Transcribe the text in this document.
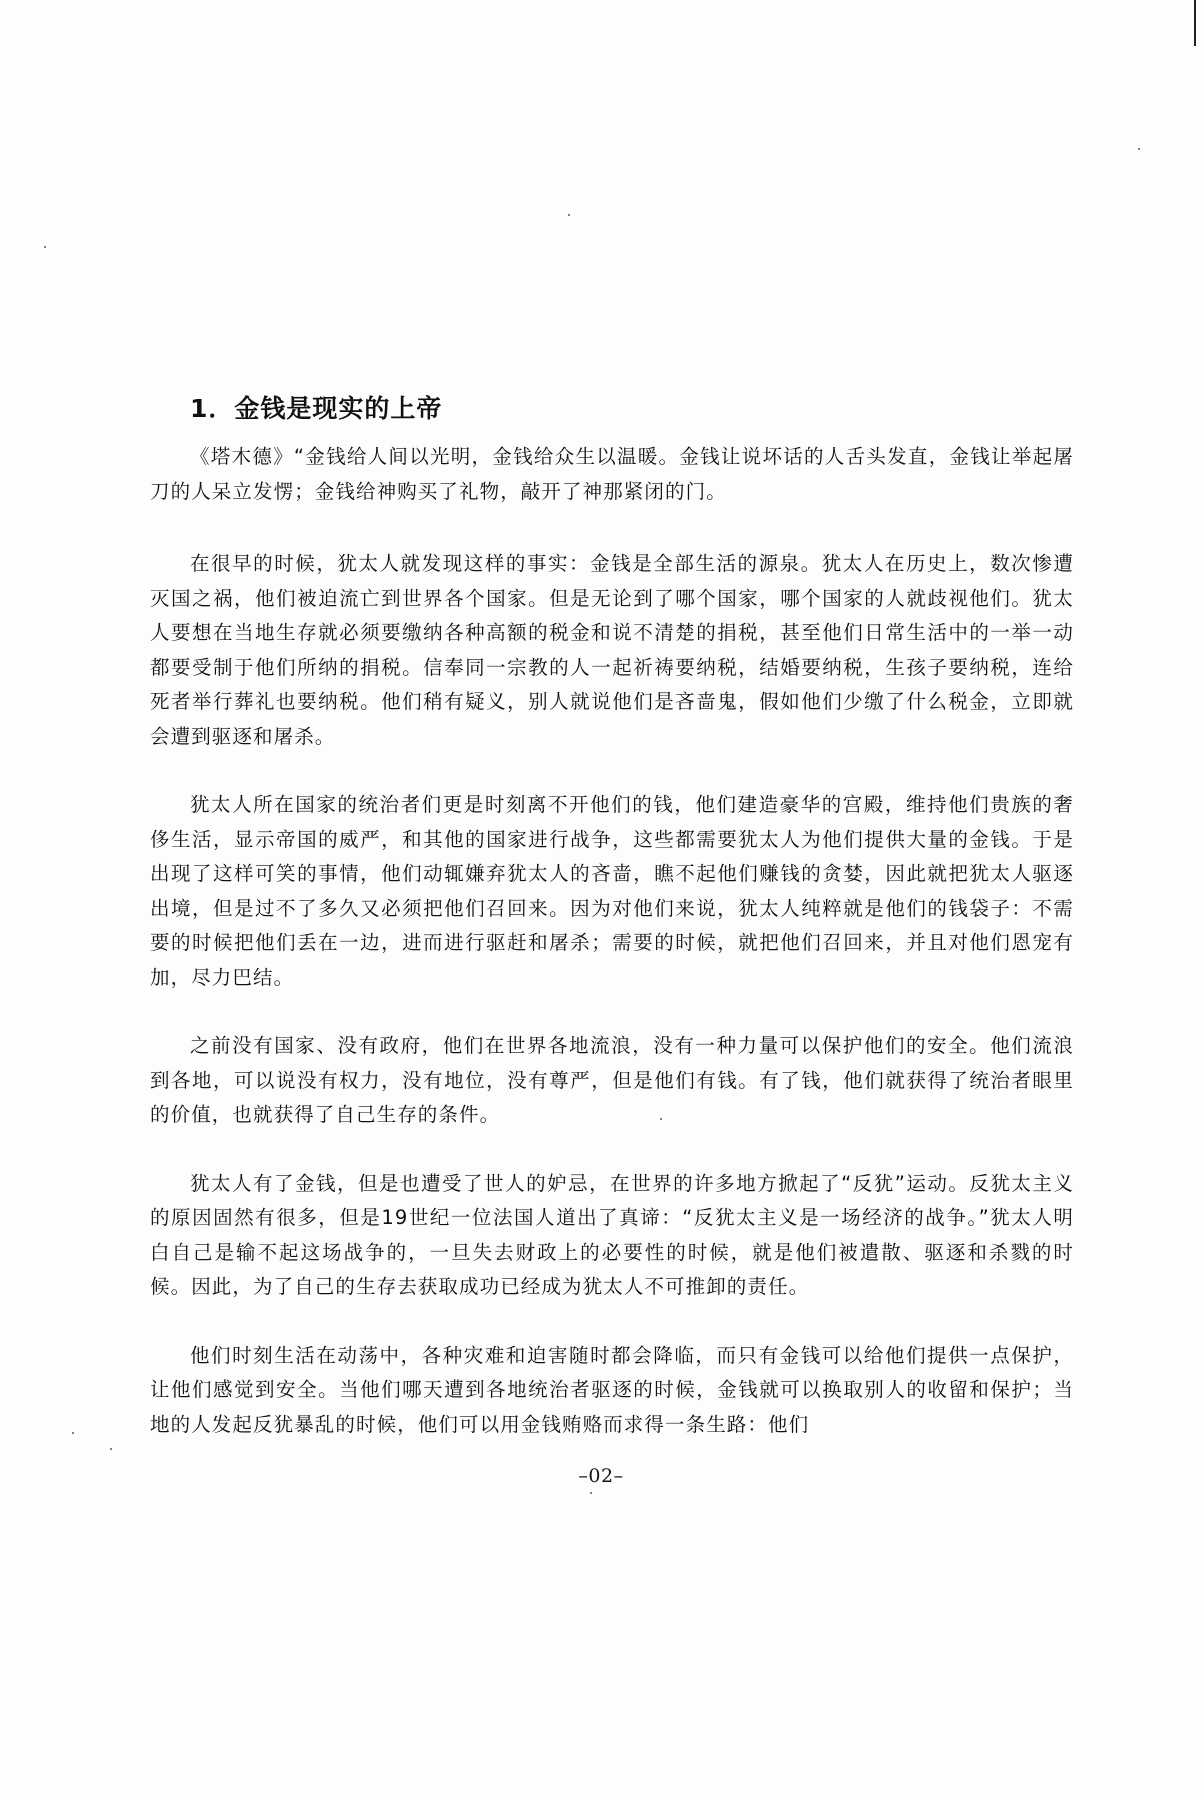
1．金钱是现实的上帝

《塔木德》“金钱给人间以光明，金钱给众生以温暖。金钱让说坏话的人舌头发直，金钱让举起屠刀的人呆立发愣；金钱给神购买了礼物，敲开了神那紧闭的门。

在很早的时候，犹太人就发现这样的事实：金钱是全部生活的源泉。犹太人在历史上，数次惨遭灭国之祸，他们被迫流亡到世界各个国家。但是无论到了哪个国家，哪个国家的人就歧视他们。犹太人要想在当地生存就必须要缴纳各种高额的税金和说不清楚的捐税，甚至他们日常生活中的一举一动都要受制于他们所纳的捐税。信奉同一宗教的人一起祈祷要纳税，结婚要纳税，生孩子要纳税，连给死者举行葬礼也要纳税。他们稍有疑义，别人就说他们是吝啬鬼，假如他们少缴了什么税金，立即就会遭到驱逐和屠杀。

犹太人所在国家的统治者们更是时刻离不开他们的钱，他们建造豪华的宫殿，维持他们贵族的奢侈生活，显示帝国的威严，和其他的国家进行战争，这些都需要犹太人为他们提供大量的金钱。于是出现了这样可笑的事情，他们动辄嫌弃犹太人的吝啬，瞧不起他们赚钱的贪婪，因此就把犹太人驱逐出境，但是过不了多久又必须把他们召回来。因为对他们来说，犹太人纯粹就是他们的钱袋子：不需要的时候把他们丢在一边，进而进行驱赶和屠杀；需要的时候，就把他们召回来，并且对他们恩宠有加，尽力巴结。

之前没有国家、没有政府，他们在世界各地流浪，没有一种力量可以保护他们的安全。他们流浪到各地，可以说没有权力，没有地位，没有尊严，但是他们有钱。有了钱，他们就获得了统治者眼里的价值，也就获得了自己生存的条件。

犹太人有了金钱，但是也遭受了世人的妒忌，在世界的许多地方掀起了“反犹”运动。反犹太主义的原因固然有很多，但是19世纪一位法国人道出了真谛：“反犹太主义是一场经济的战争。”犹太人明白自己是输不起这场战争的，一旦失去财政上的必要性的时候，就是他们被遣散、驱逐和杀戮的时候。因此，为了自己的生存去获取成功已经成为犹太人不可推卸的责任。

他们时刻生活在动荡中，各种灾难和迫害随时都会降临，而只有金钱可以给他们提供一点保护，让他们感觉到安全。当他们哪天遭到各地统治者驱逐的时候，金钱就可以换取别人的收留和保护；当地的人发起反犹暴乱的时候，他们可以用金钱贿赂而求得一条生路：他们

–02–
